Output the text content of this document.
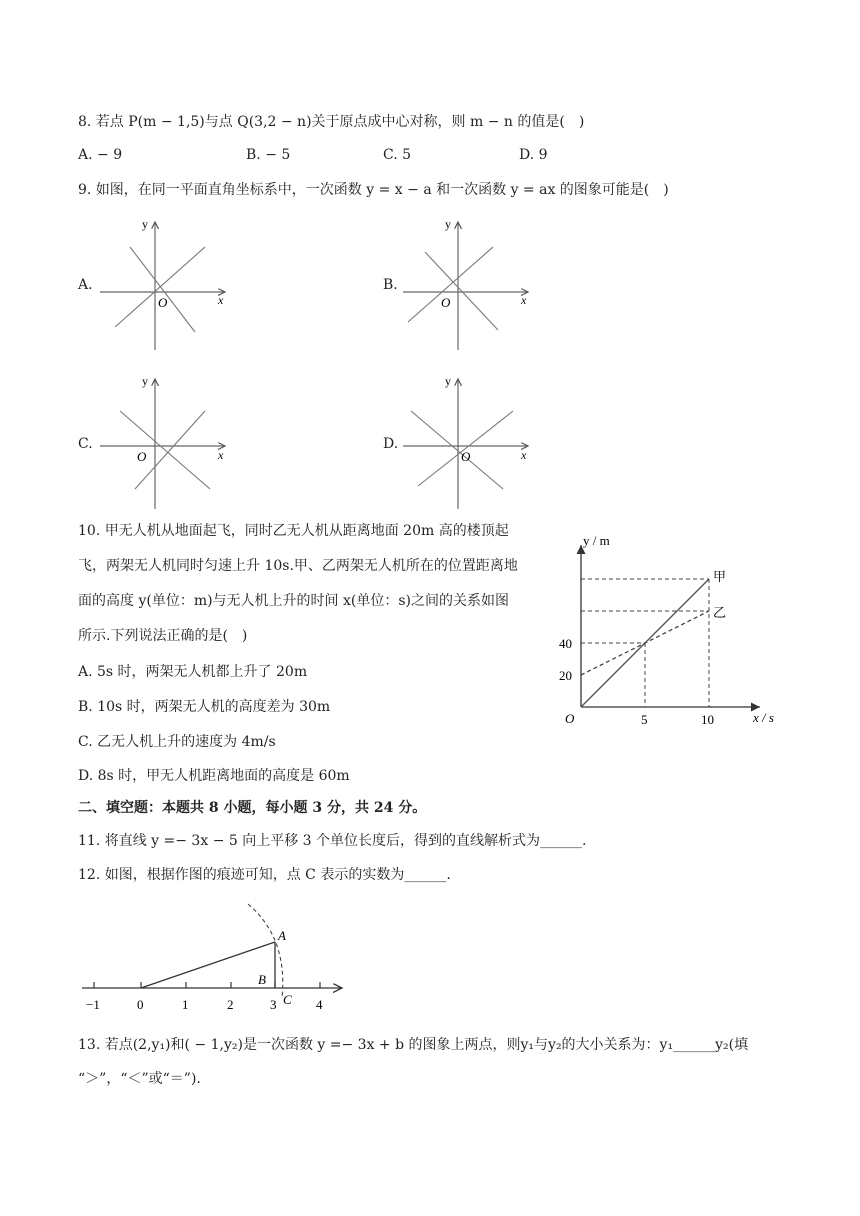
8. 若点 P(m − 1,5)与点 Q(3,2 − n)关于原点成中心对称，则 m − n 的值是(　)
A. − 9	B. − 5	C. 5	D. 9
9. 如图，在同一平面直角坐标系中，一次函数 y = x − a 和一次函数 y = ax 的图象可能是(　)
A.	B.
C.	D.
y
x
O
y
x
O
y
x
O
y
x
O
10. 甲无人机从地面起飞，同时乙无人机从距离地面 20m 高的楼顶起
飞，两架无人机同时匀速上升 10s.甲、乙两架无人机所在的位置距离地
面的高度 y(单位：m)与无人机上升的时间 x(单位：s)之间的关系如图
所示.下列说法正确的是(　)
A. 5s 时，两架无人机都上升了 20m
B. 10s 时，两架无人机的高度差为 30m
C. 乙无人机上升的速度为 4m/s
D. 8s 时，甲无人机距离地面的高度是 60m
y / m
x / s
O
甲
乙
20
40
5	10
二、填空题：本题共 8 小题，每小题 3 分，共 24 分。
11. 将直线 y =− 3x − 5 向上平移 3 个单位长度后，得到的直线解析式为______.
12. 如图，根据作图的痕迹可知，点 C 表示的实数为______.
−1	0	1	2	3	4
A
B
C
13. 若点(2,y₁)和( − 1,y₂)是一次函数 y =− 3x + b 的图象上两点，则y₁与y₂的大小关系为：y₁______y₂(填
“＞”，“＜”或“＝”).
